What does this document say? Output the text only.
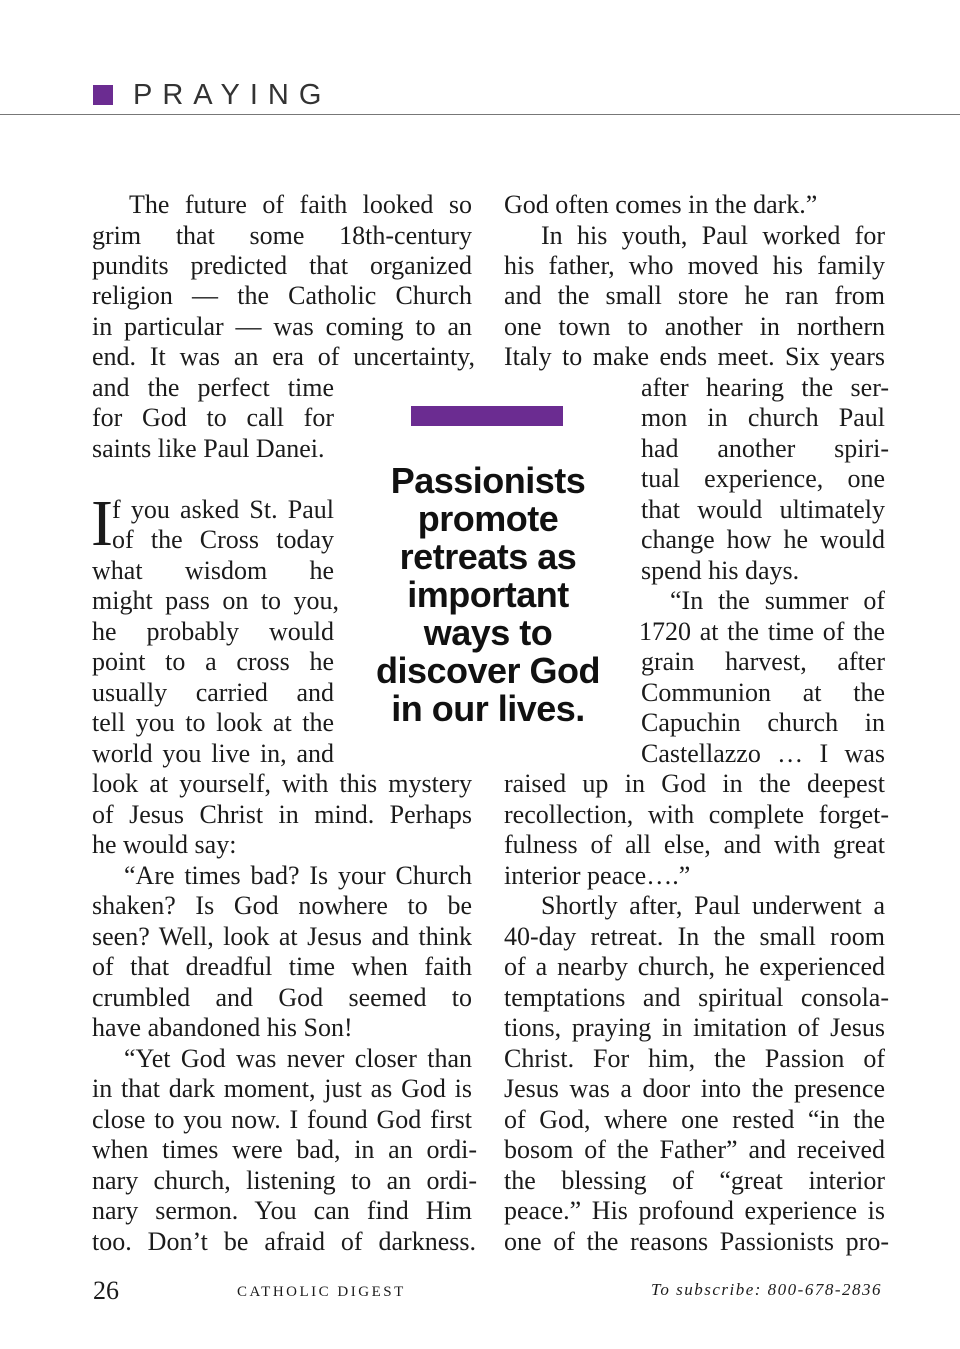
PRAYING
The future of faith looked so
grim that some 18th-century
pundits predicted that organized
religion — the Catholic Church
in particular — was coming to an
end. It was an era of uncertainty,
and the perfect time
for God to call for
saints like Paul Danei.
f you asked St. Paul
of the Cross today
what wisdom he
might pass on to you,
he probably would
point to a cross he
usually carried and
tell you to look at the
world you live in, and
look at yourself, with this mystery
of Jesus Christ in mind. Perhaps
he would say:
“Are times bad? Is your Church
shaken? Is God nowhere to be
seen? Well, look at Jesus and think
of that dreadful time when faith
crumbled and God seemed to
have abandoned his Son!
“Yet God was never closer than
in that dark moment, just as God is
close to you now. I found God first
when times were bad, in an ordi-
nary church, listening to an ordi-
nary sermon. You can find Him
too. Don’t be afraid of darkness.
I
God often comes in the dark.”
In his youth, Paul worked for
his father, who moved his family
and the small store he ran from
one town to another in northern
Italy to make ends meet. Six years
after hearing the ser-
mon in church Paul
had another spiri-
tual experience, one
that would ultimately
change how he would
spend his days.
“In the summer of
1720 at the time of the
grain harvest, after
Communion at the
Capuchin church in
Castellazzo … I was
raised up in God in the deepest
recollection, with complete forget-
fulness of all else, and with great
interior peace….”
Shortly after, Paul underwent a
40-day retreat. In the small room
of a nearby church, he experienced
temptations and spiritual consola-
tions, praying in imitation of Jesus
Christ. For him, the Passion of
Jesus was a door into the presence
of God, where one rested “in the
bosom of the Father” and received
the blessing of “great interior
peace.” His profound experience is
one of the reasons Passionists pro-
Passionists
promote
retreats as
important
ways to
discover God
in our lives.
26	CATHOLIC DIGEST	To subscribe: 800-678-2836
